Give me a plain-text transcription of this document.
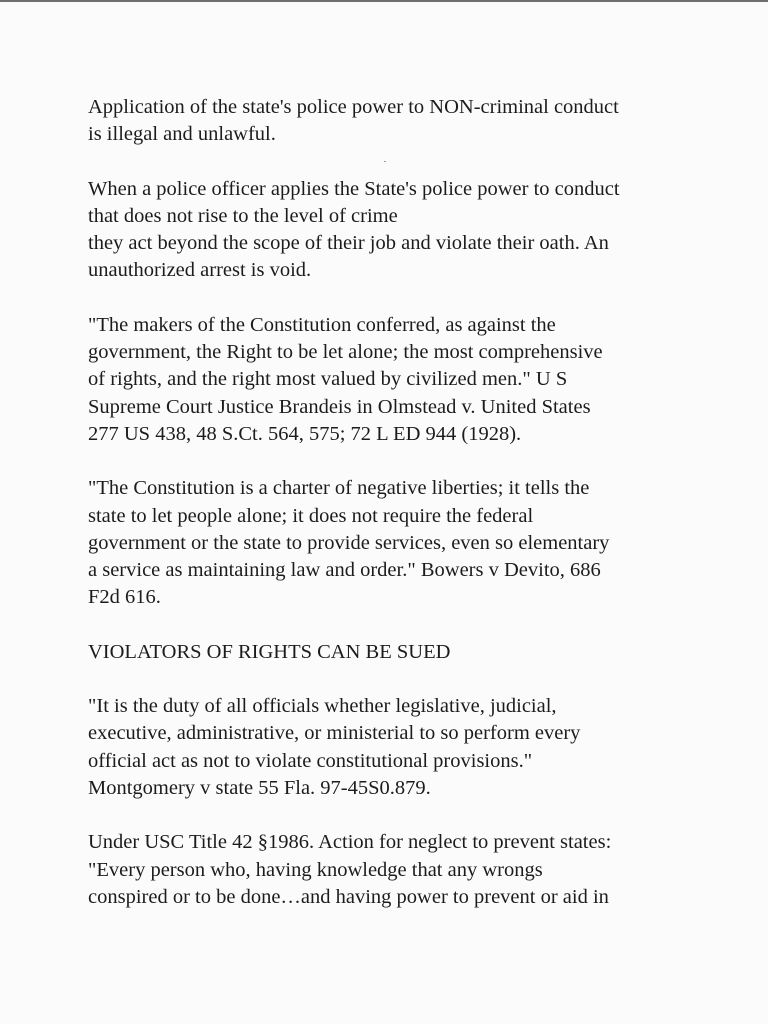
Application of the state's police power to NON-criminal conduct
is illegal and unlawful.

When a police officer applies the State's police power to conduct
that does not rise to the level of crime
they act beyond the scope of their job and violate their oath. An
unauthorized arrest is void.

"The makers of the Constitution conferred, as against the
government, the Right to be let alone; the most comprehensive
of rights, and the right most valued by civilized men." U S
Supreme Court Justice Brandeis in Olmstead v. United States
277 US 438, 48 S.Ct. 564, 575; 72 L ED 944 (1928).

"The Constitution is a charter of negative liberties; it tells the
state to let people alone; it does not require the federal
government or the state to provide services, even so elementary
a service as maintaining law and order." Bowers v Devito, 686
F2d 616.

VIOLATORS OF RIGHTS CAN BE SUED

"It is the duty of all officials whether legislative, judicial,
executive, administrative, or ministerial to so perform every
official act as not to violate constitutional provisions."
Montgomery v state 55 Fla. 97-45S0.879.

Under USC Title 42 §1986. Action for neglect to prevent states:
"Every person who, having knowledge that any wrongs
conspired or to be done…and having power to prevent or aid in
